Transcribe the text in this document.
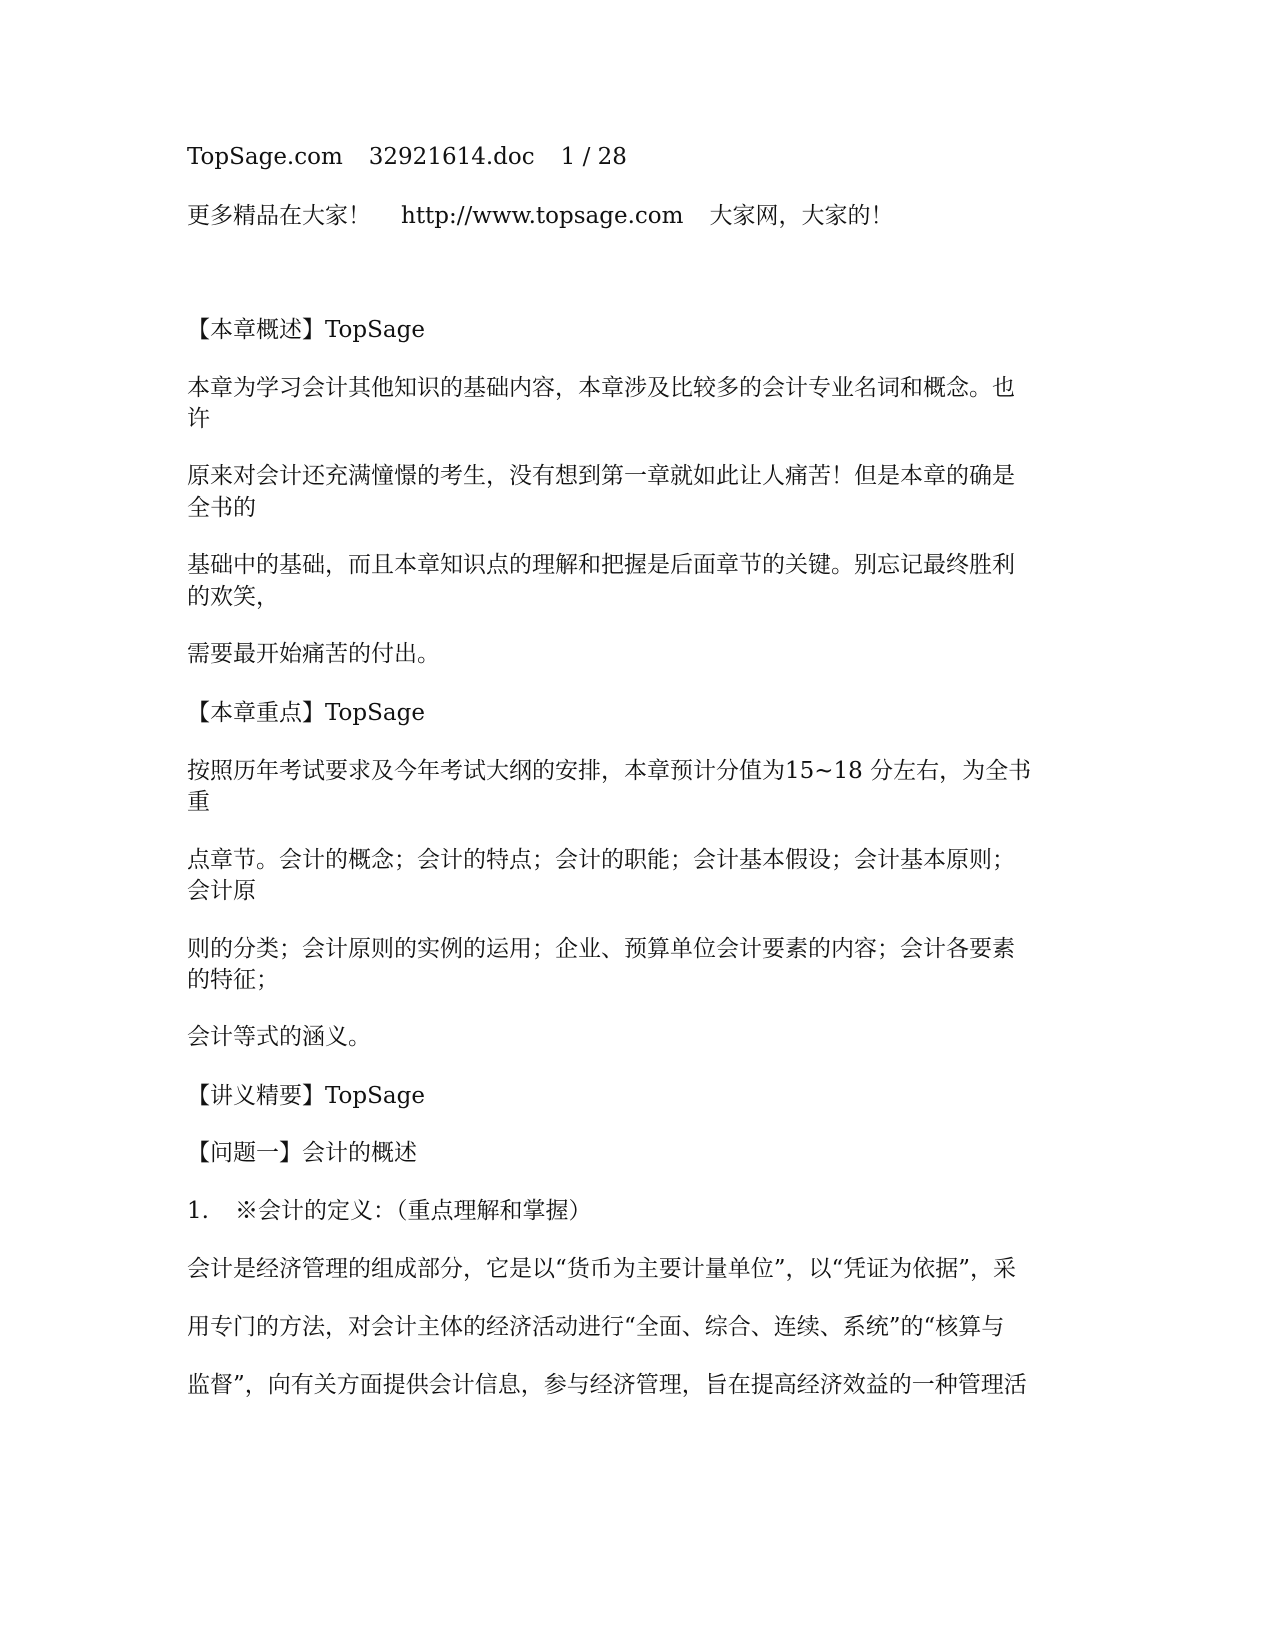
TopSage.com 32921614.doc 1 / 28
更多精品在大家！ http://www.topsage.com 大家网，大家的！
【本章概述】TopSage
本章为学习会计其他知识的基础内容，本章涉及比较多的会计专业名词和概念。也
许
原来对会计还充满憧憬的考生，没有想到第一章就如此让人痛苦！但是本章的确是
全书的
基础中的基础，而且本章知识点的理解和把握是后面章节的关键。别忘记最终胜利
的欢笑，
需要最开始痛苦的付出。
【本章重点】TopSage
按照历年考试要求及今年考试大纲的安排，本章预计分值为15~18 分左右，为全书
重
点章节。会计的概念；会计的特点；会计的职能；会计基本假设；会计基本原则；
会计原
则的分类；会计原则的实例的运用；企业、预算单位会计要素的内容；会计各要素
的特征；
会计等式的涵义。
【讲义精要】TopSage
【问题一】会计的概述
1. ※会计的定义：（重点理解和掌握）
会计是经济管理的组成部分，它是以“货币为主要计量单位”，以“凭证为依据”，采
用专门的方法，对会计主体的经济活动进行“全面、综合、连续、系统”的“核算与
监督”，向有关方面提供会计信息，参与经济管理，旨在提高经济效益的一种管理活
